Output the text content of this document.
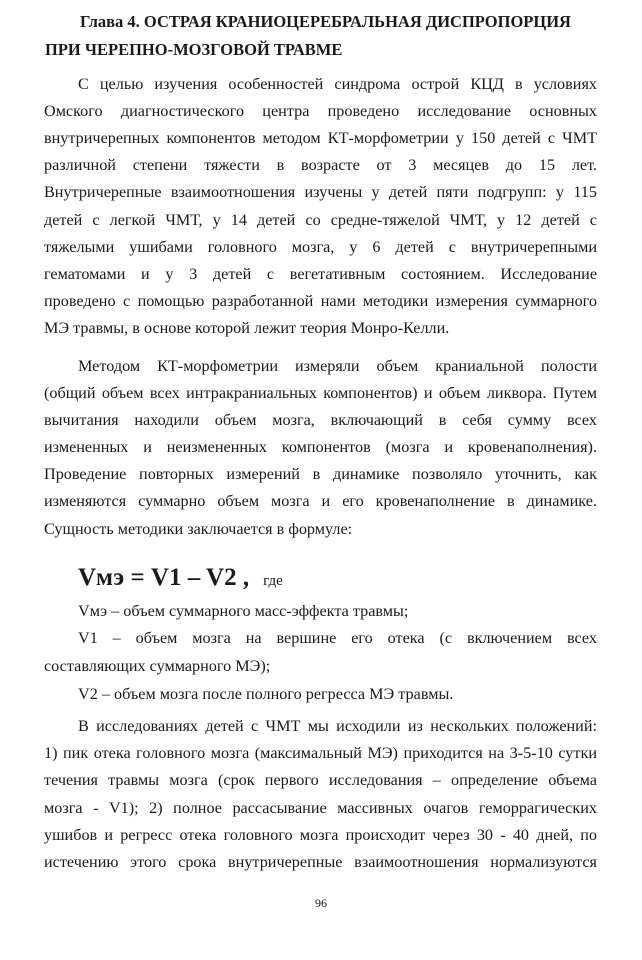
Глава 4. ОСТРАЯ КРАНИОЦЕРЕБРАЛЬНАЯ ДИСПРОПОРЦИЯ
ПРИ ЧЕРЕПНО-МОЗГОВОЙ ТРАВМЕ
С целью изучения особенностей синдрома острой КЦД в условиях
Омского диагностического центра проведено исследование основных
внутричерепных компонентов методом КТ-морфометрии у 150 детей с ЧМТ
различной степени тяжести в возрасте от 3 месяцев до 15 лет.
Внутричерепные взаимоотношения изучены у детей пяти подгрупп: у 115
детей с легкой ЧМТ, у 14 детей со средне-тяжелой ЧМТ, у 12 детей с
тяжелыми ушибами головного мозга, у 6 детей с внутричерепными
гематомами и у 3 детей с вегетативным состоянием. Исследование
проведено с помощью разработанной нами методики измерения суммарного
МЭ травмы, в основе которой лежит теория Монро-Келли.
Методом КТ-морфометрии измеряли объем краниальной полости
(общий объем всех интракраниальных компонентов) и объем ликвора. Путем
вычитания находили объем мозга, включающий в себя сумму всех
измененных и неизмененных компонентов (мозга и кровенаполнения).
Проведение повторных измерений в динамике позволяло уточнить, как
изменяются суммарно объем мозга и его кровенаполнение в динамике.
Сущность методики заключается в формуле:
Vмэ = V1 – V2 , где
Vмэ – объем суммарного масс-эффекта травмы;
V1 – объем мозга на вершине его отека (с включением всех
составляющих суммарного МЭ);
V2 – объем мозга после полного регресса МЭ травмы.
В исследованиях детей с ЧМТ мы исходили из нескольких положений:
1) пик отека головного мозга (максимальный МЭ) приходится на 3-5-10 сутки
течения травмы мозга (срок первого исследования – определение объема
мозга - V1); 2) полное рассасывание массивных очагов геморрагических
ушибов и регресс отека головного мозга происходит через 30 - 40 дней, по
истечению этого срока внутричерепные взаимоотношения нормализуются
96
